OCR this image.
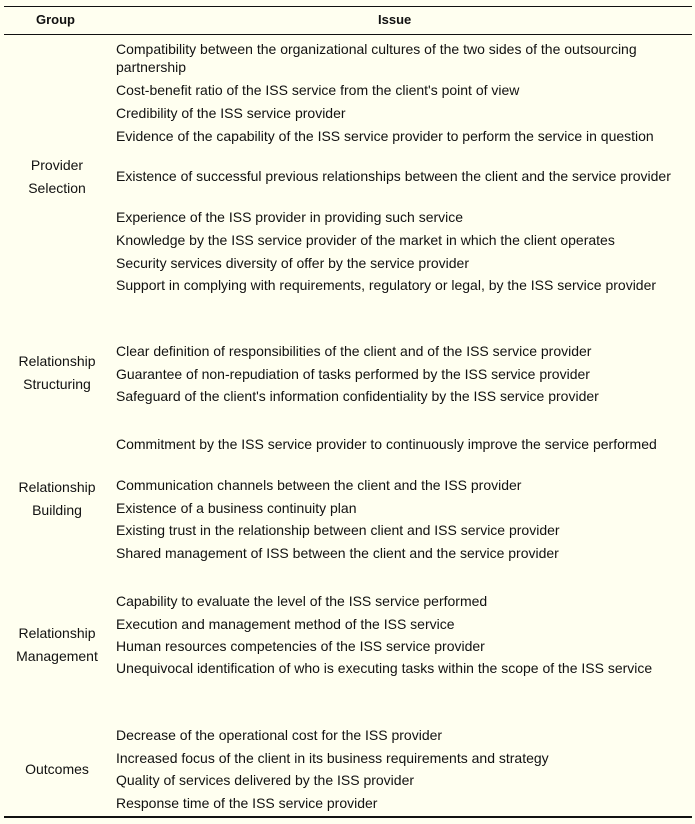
Group	Issue
Provider
Selection
Compatibility between the organizational cultures of the two sides of the outsourcing partnership
Cost-benefit ratio of the ISS service from the client's point of view
Credibility of the ISS service provider
Evidence of the capability of the ISS service provider to perform the service in question
Existence of successful previous relationships between the client and the service provider
Experience of the ISS provider in providing such service
Knowledge by the ISS service provider of the market in which the client operates
Security services diversity of offer by the service provider
Support in complying with requirements, regulatory or legal, by the ISS service provider
Relationship
Structuring
Clear definition of responsibilities of the client and of the ISS service provider
Guarantee of non-repudiation of tasks performed by the ISS service provider
Safeguard of the client's information confidentiality by the ISS service provider
Relationship
Building
Commitment by the ISS service provider to continuously improve the service performed
Communication channels between the client and the ISS provider
Existence of a business continuity plan
Existing trust in the relationship between client and ISS service provider
Shared management of ISS between the client and the service provider
Relationship
Management
Capability to evaluate the level of the ISS service performed
Execution and management method of the ISS service
Human resources competencies of the ISS service provider
Unequivocal identification of who is executing tasks within the scope of the ISS service
Outcomes
Decrease of the operational cost for the ISS provider
Increased focus of the client in its business requirements and strategy
Quality of services delivered by the ISS provider
Response time of the ISS service provider
